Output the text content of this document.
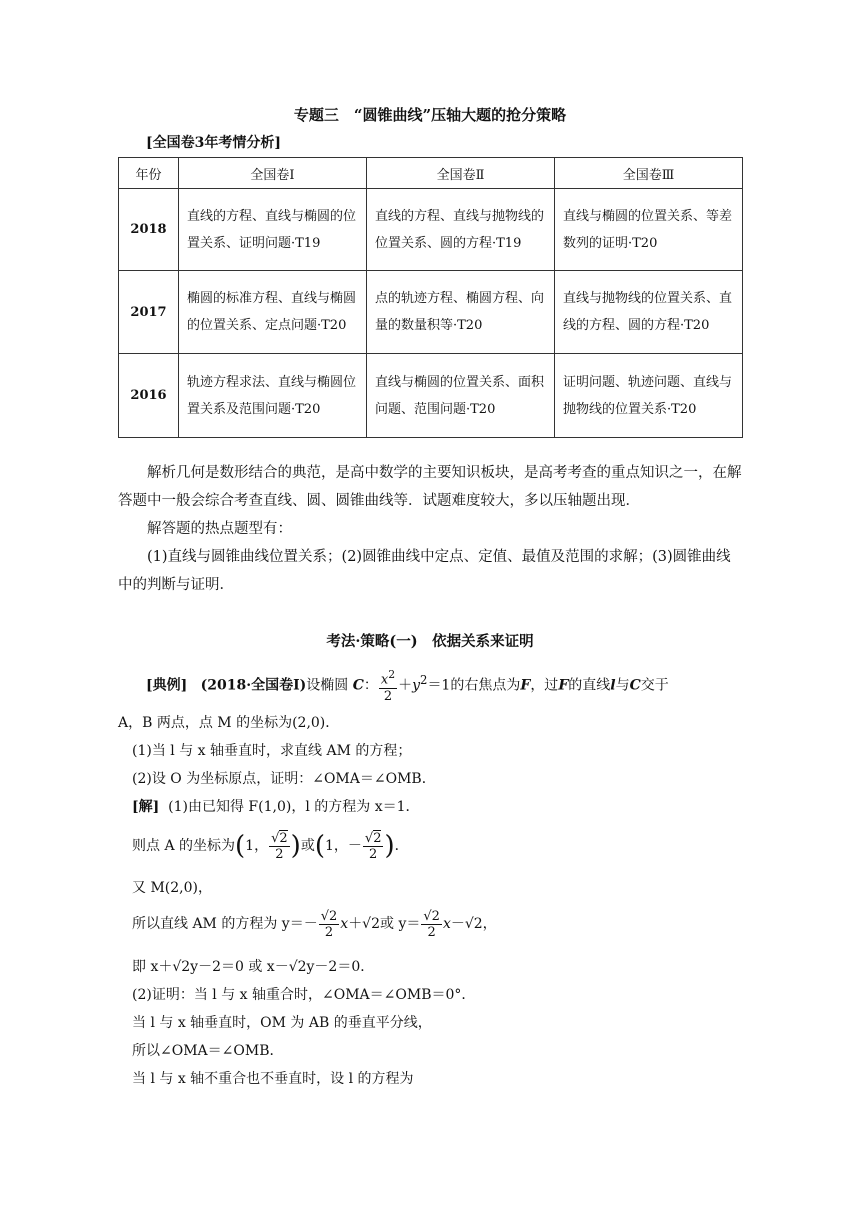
专题三　“圆锥曲线”压轴大题的抢分策略
[全国卷3年考情分析]
年份	全国卷Ⅰ	全国卷Ⅱ	全国卷Ⅲ
2018	直线的方程、直线与椭圆的位置关系、证明问题·T19	直线的方程、直线与抛物线的位置关系、圆的方程·T19	直线与椭圆的位置关系、等差数列的证明·T20
2017	椭圆的标准方程、直线与椭圆的位置关系、定点问题·T20	点的轨迹方程、椭圆方程、向量的数量积等·T20	直线与抛物线的位置关系、直线的方程、圆的方程·T20
2016	轨迹方程求法、直线与椭圆位置关系及范围问题·T20	直线与椭圆的位置关系、面积问题、范围问题·T20	证明问题、轨迹问题、直线与抛物线的位置关系·T20
解析几何是数形结合的典范，是高中数学的主要知识板块，是高考考查的重点知识之一，在解答题中一般会综合考查直线、圆、圆锥曲线等．试题难度较大，多以压轴题出现．
解答题的热点题型有：
(1)直线与圆锥曲线位置关系；(2)圆锥曲线中定点、定值、最值及范围的求解；(3)圆锥曲线中的判断与证明．
考法·策略(一)　依据关系来证明
[典例] (2018·全国卷Ⅰ)设椭圆 C： $\frac{x^2}{2} +y^2=1$的右焦点为F，过F的直线l与C交于
A，B 两点，点 M 的坐标为(2,0)．
(1)当 l 与 x 轴垂直时，求直线 AM 的方程；
(2)设 O 为坐标原点，证明：∠OMA＝∠OMB．
[解] (1)由已知得 F(1,0)，l 的方程为 x＝1．
则点 A 的坐标为(1， $\frac{√2}{2}$ )或(1，－ $\frac{√2}{2}$ )．
又 M(2,0)，
所以直线 AM 的方程为 $y=- \frac{√2}{2} x+√2$或 $y= \frac{√2}{2} x-√2$，
即 x＋√2y－2＝0 或 x－√2y－2＝0．
(2)证明：当 l 与 x 轴重合时，∠OMA＝∠OMB＝0°．
当 l 与 x 轴垂直时，OM 为 AB 的垂直平分线，
所以∠OMA＝∠OMB．
当 l 与 x 轴不重合也不垂直时，设 l 的方程为
